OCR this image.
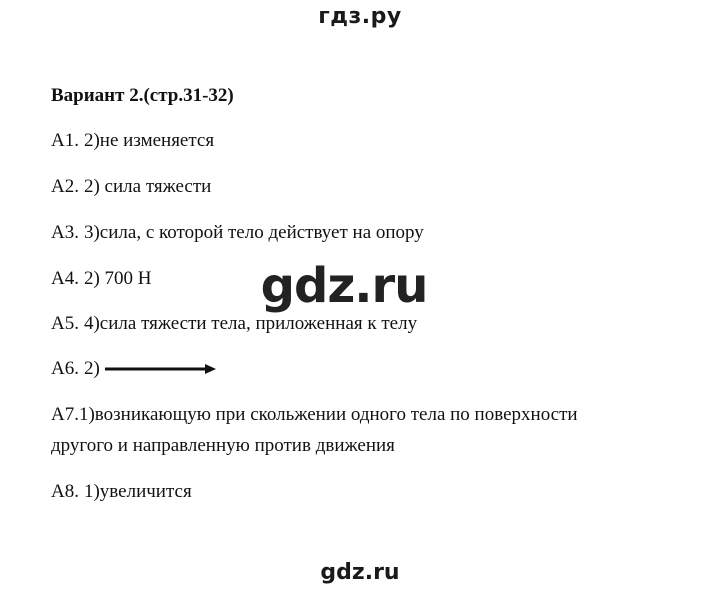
гдз.ру
Вариант 2.(стр.31-32)
A1. 2)не изменяется
A2. 2) сила тяжести
A3. 3)сила, с которой тело действует на опору
A4. 2) 700 Н
A5. 4)сила тяжести тела, приложенная к телу
A6. 2)
A7.1)возникающую при скольжении одного тела по поверхности
другого и направленную против движения
A8. 1)увеличится
gdz.ru
gdz.ru
